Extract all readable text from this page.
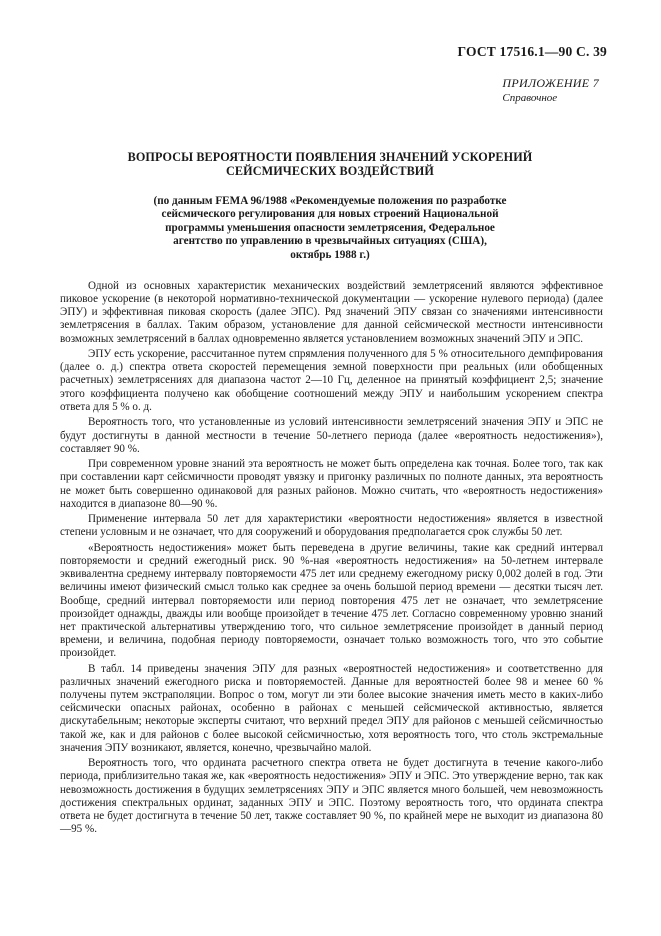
ГОСТ 17516.1—90 С. 39
ПРИЛОЖЕНИЕ 7
Справочное
ВОПРОСЫ ВЕРОЯТНОСТИ ПОЯВЛЕНИЯ ЗНАЧЕНИЙ УСКОРЕНИЙ
СЕЙСМИЧЕСКИХ ВОЗДЕЙСТВИЙ
(по данным FEMA 96/1988 «Рекомендуемые положения по разработке
сейсмического регулирования для новых строений Национальной
программы уменьшения опасности землетрясения, Федеральное
агентство по управлению в чрезвычайных ситуациях (США),
октябрь 1988 г.)

Одной из основных характеристик механических воздействий землетрясений являются эффективное пиковое ускорение (в некоторой нормативно-технической документации — ускорение нулевого периода) (далее ЭПУ) и эффективная пиковая скорость (далее ЭПС). Ряд значений ЭПУ связан со значениями интенсивности землетрясения в баллах. Таким образом, установление для данной сейсмической местности интенсивности возможных землетрясений в баллах одновременно является установлением возможных значений ЭПУ и ЭПС.

ЭПУ есть ускорение, рассчитанное путем спрямления полученного для 5 % относительного демпфирования (далее о. д.) спектра ответа скоростей перемещения земной поверхности при реальных (или обобщенных расчетных) землетрясениях для диапазона частот 2—10 Гц, деленное на принятый коэффициент 2,5; значение этого коэффициента получено как обобщение соотношений между ЭПУ и наибольшим ускорением спектра ответа для 5 % о. д.

Вероятность того, что установленные из условий интенсивности землетрясений значения ЭПУ и ЭПС не будут достигнуты в данной местности в течение 50-летнего периода (далее «вероятность недостижения»), составляет 90 %.

При современном уровне знаний эта вероятность не может быть определена как точная. Более того, так как при составлении карт сейсмичности проводят увязку и пригонку различных по полноте данных, эта вероятность не может быть совершенно одинаковой для разных районов. Можно считать, что «вероятность недостижения» находится в диапазоне 80—90 %.

Применение интервала 50 лет для характеристики «вероятности недостижения» является в известной степени условным и не означает, что для сооружений и оборудования предполагается срок службы 50 лет.

«Вероятность недостижения» может быть переведена в другие величины, такие как средний интервал повторяемости и средний ежегодный риск. 90 %-ная «вероятность недостижения» на 50-летнем интервале эквивалентна среднему интервалу повторяемости 475 лет или среднему ежегодному риску 0,002 долей в год. Эти величины имеют физический смысл только как среднее за очень большой период времени — десятки тысяч лет. Вообще, средний интервал повторяемости или период повторения 475 лет не означает, что землетрясение произойдет однажды, дважды или вообще произойдет в течение 475 лет. Согласно современному уровню знаний нет практической альтернативы утверждению того, что сильное землетрясение произойдет в данный период времени, и величина, подобная периоду повторяемости, означает только возможность того, что это событие произойдет.

В табл. 14 приведены значения ЭПУ для разных «вероятностей недостижения» и соответственно для различных значений ежегодного риска и повторяемостей. Данные для вероятностей более 98 и менее 60 % получены путем экстраполяции. Вопрос о том, могут ли эти более высокие значения иметь место в каких-либо сейсмически опасных районах, особенно в районах с меньшей сейсмической активностью, является дискутабельным; некоторые эксперты считают, что верхний предел ЭПУ для районов с меньшей сейсмичностью такой же, как и для районов с более высокой сейсмичностью, хотя вероятность того, что столь экстремальные значения ЭПУ возникают, является, конечно, чрезвычайно малой.

Вероятность того, что ордината расчетного спектра ответа не будет достигнута в течение какого-либо периода, приблизительно такая же, как «вероятность недостижения» ЭПУ и ЭПС. Это утверждение верно, так как невозможность достижения в будущих землетрясениях ЭПУ и ЭПС является много большей, чем невозможность достижения спектральных ординат, заданных ЭПУ и ЭПС. Поэтому вероятность того, что ордината спектра ответа не будет достигнута в течение 50 лет, также составляет 90 %, по крайней мере не выходит из диапазона 80—95 %.
